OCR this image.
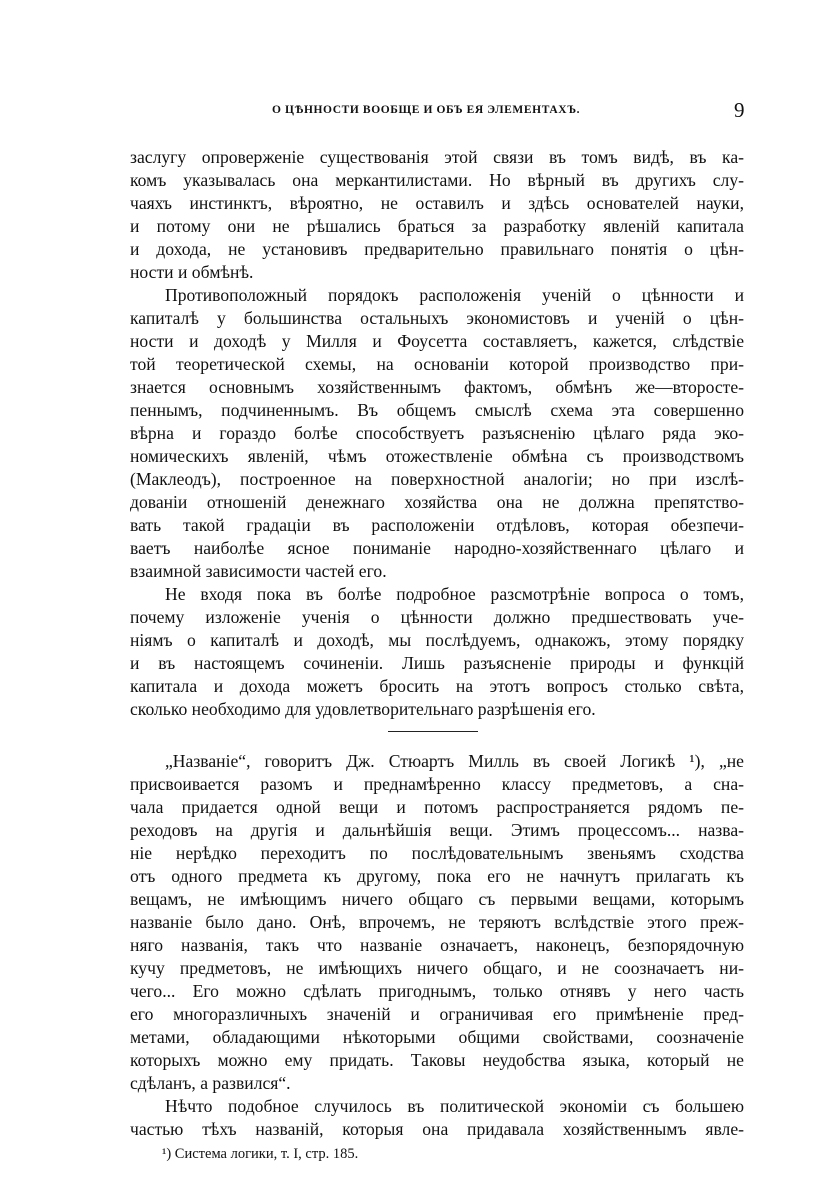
О ЦѢННОСТИ ВООБЩЕ И ОБЪ ЕЯ ЭЛЕМЕНТАХЪ.	9
заслугу опроверженіе существованія этой связи въ томъ видѣ, въ ка-
комъ указывалась она меркантилистами. Но вѣрный въ другихъ слу-
чаяхъ инстинктъ, вѣроятно, не оставилъ и здѣсь основателей науки,
и потому они не рѣшались браться за разработку явленій капитала
и дохода, не установивъ предварительно правильнаго понятія о цѣн-
ности и обмѣнѣ.
Противоположный порядокъ расположенія ученій о цѣнности и
капиталѣ у большинства остальныхъ экономистовъ и ученій о цѣн-
ности и доходѣ у Милля и Фоусетта составляетъ, кажется, слѣдствіе
той теоретической схемы, на основаніи которой производство при-
знается основнымъ хозяйственнымъ фактомъ, обмѣнъ же—второсте-
пеннымъ, подчиненнымъ. Въ общемъ смыслѣ схема эта совершенно
вѣрна и гораздо болѣе способствуетъ разъясненію цѣлаго ряда эко-
номическихъ явленій, чѣмъ отожествленіе обмѣна съ производствомъ
(Маклеодъ), построенное на поверхностной аналогіи; но при изслѣ-
дованіи отношеній денежнаго хозяйства она не должна препятство-
вать такой градаціи въ расположеніи отдѣловъ, которая обезпечи-
ваетъ наиболѣе ясное пониманіе народно-хозяйственнаго цѣлаго и
взаимной зависимости частей его.
Не входя пока въ болѣе подробное разсмотрѣніе вопроса о томъ,
почему изложеніе ученія о цѣнности должно предшествовать уче-
ніямъ о капиталѣ и доходѣ, мы послѣдуемъ, однакожъ, этому порядку
и въ настоящемъ сочиненіи. Лишь разъясненіе природы и функцій
капитала и дохода можетъ бросить на этотъ вопросъ столько свѣта,
сколько необходимо для удовлетворительнаго разрѣшенія его.
„Названіе“, говоритъ Дж. Стюартъ Милль въ своей Логикѣ ¹), „не
присвоивается разомъ и преднамѣренно классу предметовъ, а сна-
чала придается одной вещи и потомъ распространяется рядомъ пе-
реходовъ на другія и дальнѣйшія вещи. Этимъ процессомъ... назва-
ніе нерѣдко переходитъ по послѣдовательнымъ звеньямъ сходства
отъ одного предмета къ другому, пока его не начнутъ прилагать къ
вещамъ, не имѣющимъ ничего общаго съ первыми вещами, которымъ
названіе было дано. Онѣ, впрочемъ, не теряютъ вслѣдствіе этого преж-
няго названія, такъ что названіе означаетъ, наконецъ, безпорядочную
кучу предметовъ, не имѣющихъ ничего общаго, и не соозначаетъ ни-
чего... Его можно сдѣлать пригоднымъ, только отнявъ у него часть
его многоразличныхъ значеній и ограничивая его примѣненіе пред-
метами, обладающими нѣкоторыми общими свойствами, соозначеніе
которыхъ можно ему придать. Таковы неудобства языка, который не
сдѣланъ, а развился“.
Нѣчто подобное случилось въ политической экономіи съ большею
частью тѣхъ названій, которыя она придавала хозяйственнымъ явле-
¹) Система логики, т. I, стр. 185.
